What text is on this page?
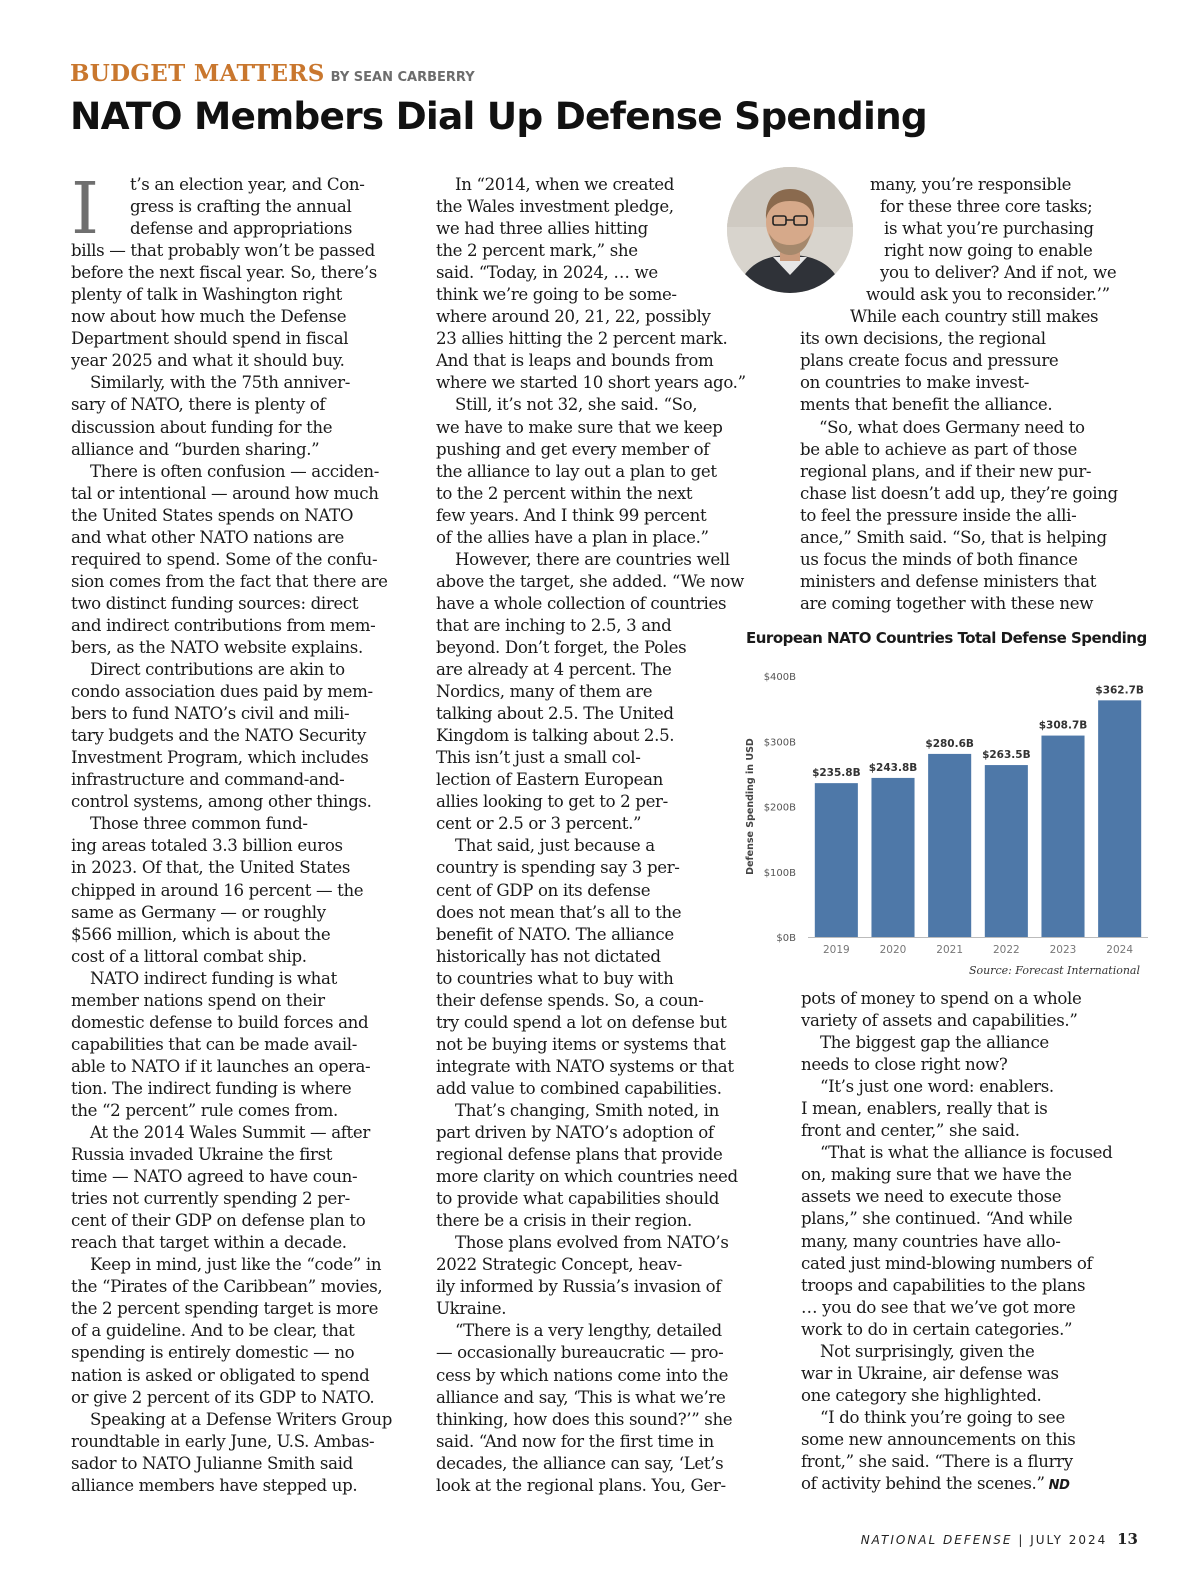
BUDGET MATTERS BY SEAN CARBERRY
NATO Members Dial Up Defense Spending
I	t’s an election year, and Con-
gress is crafting the annual
defense and appropriations
bills — that probably won’t be passed
before the next fiscal year. So, there’s
plenty of talk in Washington right
now about how much the Defense
Department should spend in fiscal
year 2025 and what it should buy.
Similarly, with the 75th anniver-
sary of NATO, there is plenty of
discussion about funding for the
alliance and “burden sharing.”
There is often confusion — acciden-
tal or intentional — around how much
the United States spends on NATO
and what other NATO nations are
required to spend. Some of the confu-
sion comes from the fact that there are
two distinct funding sources: direct
and indirect contributions from mem-
bers, as the NATO website explains.
Direct contributions are akin to
condo association dues paid by mem-
bers to fund NATO’s civil and mili-
tary budgets and the NATO Security
Investment Program, which includes
infrastructure and command-and-
control systems, among other things.
Those three common fund-
ing areas totaled 3.3 billion euros
in 2023. Of that, the United States
chipped in around 16 percent — the
same as Germany — or roughly
$566 million, which is about the
cost of a littoral combat ship.
NATO indirect funding is what
member nations spend on their
domestic defense to build forces and
capabilities that can be made avail-
able to NATO if it launches an opera-
tion. The indirect funding is where
the “2 percent” rule comes from.
At the 2014 Wales Summit — after
Russia invaded Ukraine the first
time — NATO agreed to have coun-
tries not currently spending 2 per-
cent of their GDP on defense plan to
reach that target within a decade.
Keep in mind, just like the “code” in
the “Pirates of the Caribbean” movies,
the 2 percent spending target is more
of a guideline. And to be clear, that
spending is entirely domestic — no
nation is asked or obligated to spend
or give 2 percent of its GDP to NATO.
Speaking at a Defense Writers Group
roundtable in early June, U.S. Ambas-
sador to NATO Julianne Smith said
alliance members have stepped up.
In “2014, when we created
the Wales investment pledge,
we had three allies hitting
the 2 percent mark,” she
said. “Today, in 2024, … we
think we’re going to be some-
where around 20, 21, 22, possibly
23 allies hitting the 2 percent mark.
And that is leaps and bounds from
where we started 10 short years ago.”
Still, it’s not 32, she said. “So,
we have to make sure that we keep
pushing and get every member of
the alliance to lay out a plan to get
to the 2 percent within the next
few years. And I think 99 percent
of the allies have a plan in place.”
However, there are countries well
above the target, she added. “We now
have a whole collection of countries
that are inching to 2.5, 3 and
beyond. Don’t forget, the Poles
are already at 4 percent. The
Nordics, many of them are
talking about 2.5. The United
Kingdom is talking about 2.5.
This isn’t just a small col-
lection of Eastern European
allies looking to get to 2 per-
cent or 2.5 or 3 percent.”
That said, just because a
country is spending say 3 per-
cent of GDP on its defense
does not mean that’s all to the
benefit of NATO. The alliance
historically has not dictated
to countries what to buy with
their defense spends. So, a coun-
try could spend a lot on defense but
not be buying items or systems that
integrate with NATO systems or that
add value to combined capabilities.
That’s changing, Smith noted, in
part driven by NATO’s adoption of
regional defense plans that provide
more clarity on which countries need
to provide what capabilities should
there be a crisis in their region.
Those plans evolved from NATO’s
2022 Strategic Concept, heav-
ily informed by Russia’s invasion of
Ukraine.
“There is a very lengthy, detailed
— occasionally bureaucratic — pro-
cess by which nations come into the
alliance and say, ‘This is what we’re
thinking, how does this sound?’” she
said. “And now for the first time in
decades, the alliance can say, ‘Let’s
look at the regional plans. You, Ger-
many, you’re responsible
for these three core tasks;
is what you’re purchasing
right now going to enable
you to deliver? And if not, we
would ask you to reconsider.’”
While each country still makes
its own decisions, the regional
plans create focus and pressure
on countries to make invest-
ments that benefit the alliance.
“So, what does Germany need to
be able to achieve as part of those
regional plans, and if their new pur-
chase list doesn’t add up, they’re going
to feel the pressure inside the alli-
ance,” Smith said. “So, that is helping
us focus the minds of both finance
ministers and defense ministers that
are coming together with these new
pots of money to spend on a whole
variety of assets and capabilities.”
The biggest gap the alliance
needs to close right now?
“It’s just one word: enablers.
I mean, enablers, really that is
front and center,” she said.
“That is what the alliance is focused
on, making sure that we have the
assets we need to execute those
plans,” she continued. “And while
many, many countries have allo-
cated just mind-blowing numbers of
troops and capabilities to the plans
… you do see that we’ve got more
work to do in certain categories.”
Not surprisingly, given the
war in Ukraine, air defense was
one category she highlighted.
“I do think you’re going to see
some new announcements on this
front,” she said. “There is a flurry
of activity behind the scenes.” ND
European NATO Countries Total Defense Spending
Defense Spending in USD
$0B
$100B
$200B
$300B
$400B
$235.8B
2019
$243.8B
2020
$280.6B
2021
$263.5B
2022
$308.7B
2023
$362.7B
2024
Source: Forecast International
NATIONAL DEFENSE | JULY 2024 13
